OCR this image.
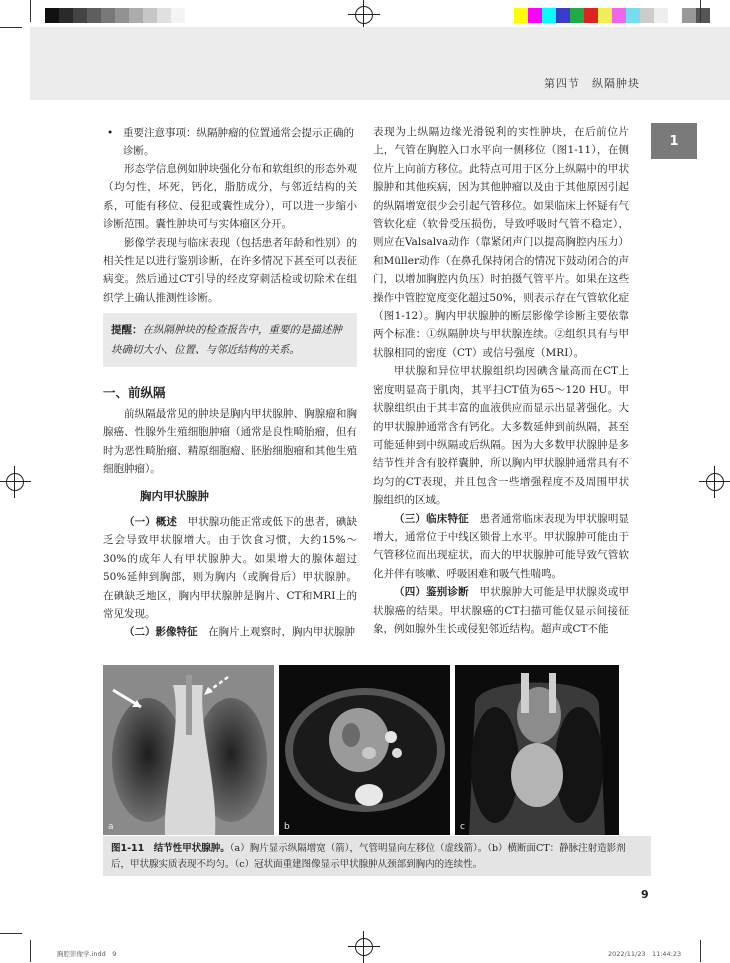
第四节　纵隔肿块
1
• 重要注意事项：纵隔肿瘤的位置通常会提示正确的诊断。

形态学信息例如肿块强化分布和软组织的形态外观（均匀性，坏死，钙化，脂肪成分，与邻近结构的关系，可能有移位、侵犯或囊性成分），可以进一步缩小诊断范围。囊性肿块可与实体瘤区分开。

影像学表现与临床表现（包括患者年龄和性别）的相关性足以进行鉴别诊断，在许多情况下甚至可以表征病变。然后通过CT引导的经皮穿刺活检或切除术在组织学上确认推测性诊断。

提醒：在纵隔肿块的检查报告中，重要的是描述肿块确切大小、位置、与邻近结构的关系。
一、前纵隔

前纵隔最常见的肿块是胸内甲状腺肿、胸腺瘤和胸腺癌、性腺外生殖细胞肿瘤（通常是良性畸胎瘤，但有时为恶性畸胎瘤、精原细胞瘤、胚胎细胞瘤和其他生殖细胞肿瘤）。

胸内甲状腺肿

（一）概述　 甲状腺功能正常或低下的患者，碘缺乏会导致甲状腺增大。由于饮食习惯，大约15%～30%的成年人有甲状腺肿大。如果增大的腺体超过50%延伸到胸部，则为胸内（或胸骨后）甲状腺肿。在碘缺乏地区，胸内甲状腺肿是胸片、CT和MRI上的常见发现。

（二）影像特征　 在胸片上观察时，胸内甲状腺肿

表现为上纵隔边缘光滑锐利的实性肿块，在后前位片上，气管在胸腔入口水平向一侧移位（图1-11），在侧位片上向前方移位。此特点可用于区分上纵隔中的甲状腺肿和其他疾病，因为其他肿瘤以及由于其他原因引起的纵隔增宽很少会引起气管移位。如果临床上怀疑有气管软化症（软骨受压损伤，导致呼吸时气管不稳定），则应在Valsalva动作（靠紧闭声门以提高胸腔内压力）和Müller动作（在鼻孔保持闭合的情况下鼓动闭合的声门，以增加胸腔内负压）时拍摄气管平片。如果在这些操作中管腔宽度变化超过50%，则表示存在气管软化症（图1-12）。胸内甲状腺肿的断层影像学诊断主要依靠两个标准：①纵隔肿块与甲状腺连续。②组织具有与甲状腺相同的密度（CT）或信号强度（MRI）。

甲状腺和异位甲状腺组织均因碘含量高而在CT上密度明显高于肌肉，其平扫CT值为65～120 HU。甲状腺组织由于其丰富的血液供应而显示出显著强化。大的甲状腺肿通常含有钙化。大多数延伸到前纵隔，甚至可能延伸到中纵隔或后纵隔。因为大多数甲状腺肿是多结节性并含有胶样囊肿，所以胸内甲状腺肿通常具有不均匀的CT表现，并且包含一些增强程度不及周围甲状腺组织的区域。

（三）临床特征　 患者通常临床表现为甲状腺明显增大，通常位于中线区锁骨上水平。甲状腺肿可能由于气管移位而出现症状，而大的甲状腺肿可能导致气管软化并伴有咳嗽、呼吸困难和吸气性喘鸣。

（四）鉴别诊断　 甲状腺肿大可能是甲状腺炎或甲状腺癌的结果。甲状腺癌的CT扫描可能仅显示间接征象，例如腺外生长或侵犯邻近结构。超声或CT不能

a	b	c
图1-11　结节性甲状腺肿。（a）胸片显示纵隔增宽（箭），气管明显向左移位（虚线箭）。（b）横断面CT：静脉注射造影剂后，甲状腺实质表现不均匀。（c）冠状面重建图像显示甲状腺肿从颈部到胸内的连续性。
9
胸腔影像学.indd　9	2022/11/23　11:44:23
